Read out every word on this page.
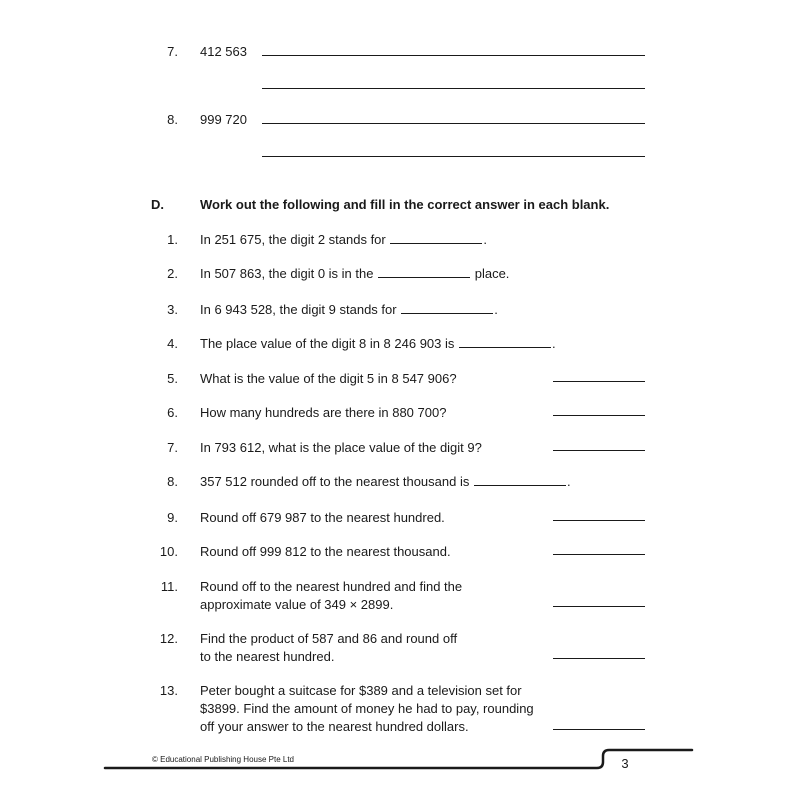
7. 412 563
8. 999 720
D.	Work out the following and fill in the correct answer in each blank.
1. In 251 675, the digit 2 stands for	.
2. In 507 863, the digit 0 is in the	place.
3. In 6 943 528, the digit 9 stands for	.
4. The place value of the digit 8 in 8 246 903 is	.
5. What is the value of the digit 5 in 8 547 906?
6. How many hundreds are there in 880 700?
7. In 793 612, what is the place value of the digit 9?
8. 357 512 rounded off to the nearest thousand is	.
9. Round off 679 987 to the nearest hundred.
10. Round off 999 812 to the nearest thousand.
11. Round off to the nearest hundred and find the
approximate value of 349 × 2899.
12. Find the product of 587 and 86 and round off
to the nearest hundred.
13. Peter bought a suitcase for $389 and a television set for
$3899. Find the amount of money he had to pay, rounding
off your answer to the nearest hundred dollars.
© Educational Publishing House Pte Ltd	3
